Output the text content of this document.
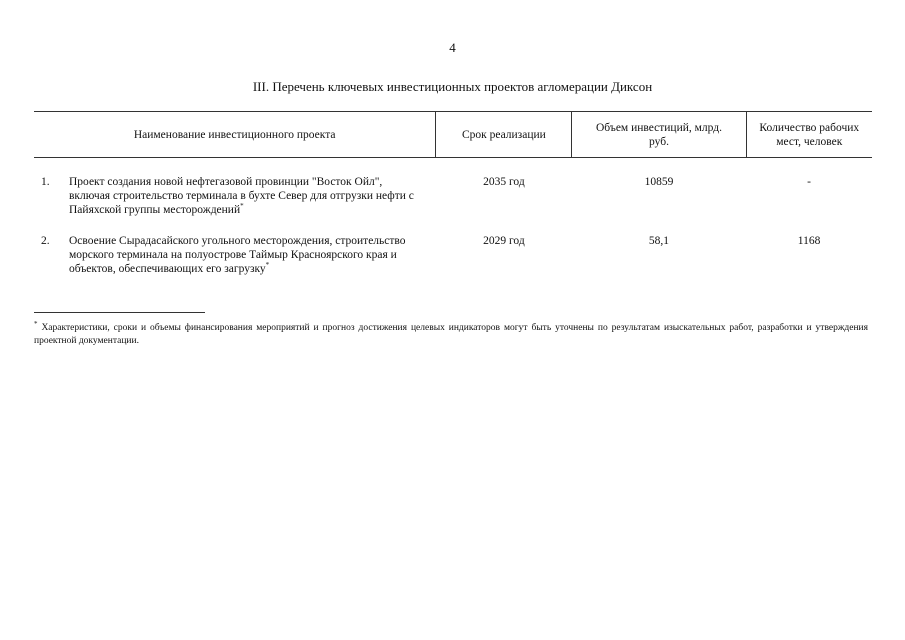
4
III. Перечень ключевых инвестиционных проектов агломерации Диксон
Наименование инвестиционного проекта	Срок реализации	Объем инвестиций, млрд. руб.	Количество рабочих мест, человек

1. Проект создания новой нефтегазовой провинции "Восток Ойл", включая строительство терминала в бухте Север для отгрузки нефти с Пайяхской группы месторождений*	2035 год	10859	-

2. Освоение Сырадасайского угольного месторождения, строительство морского терминала на полуострове Таймыр Красноярского края и объектов, обеспечивающих его загрузку*	2029 год	58,1	1168
* Характеристики, сроки и объемы финансирования мероприятий и прогноз достижения целевых индикаторов могут быть уточнены по результатам изыскательных работ, разработки и утверждения проектной документации.
